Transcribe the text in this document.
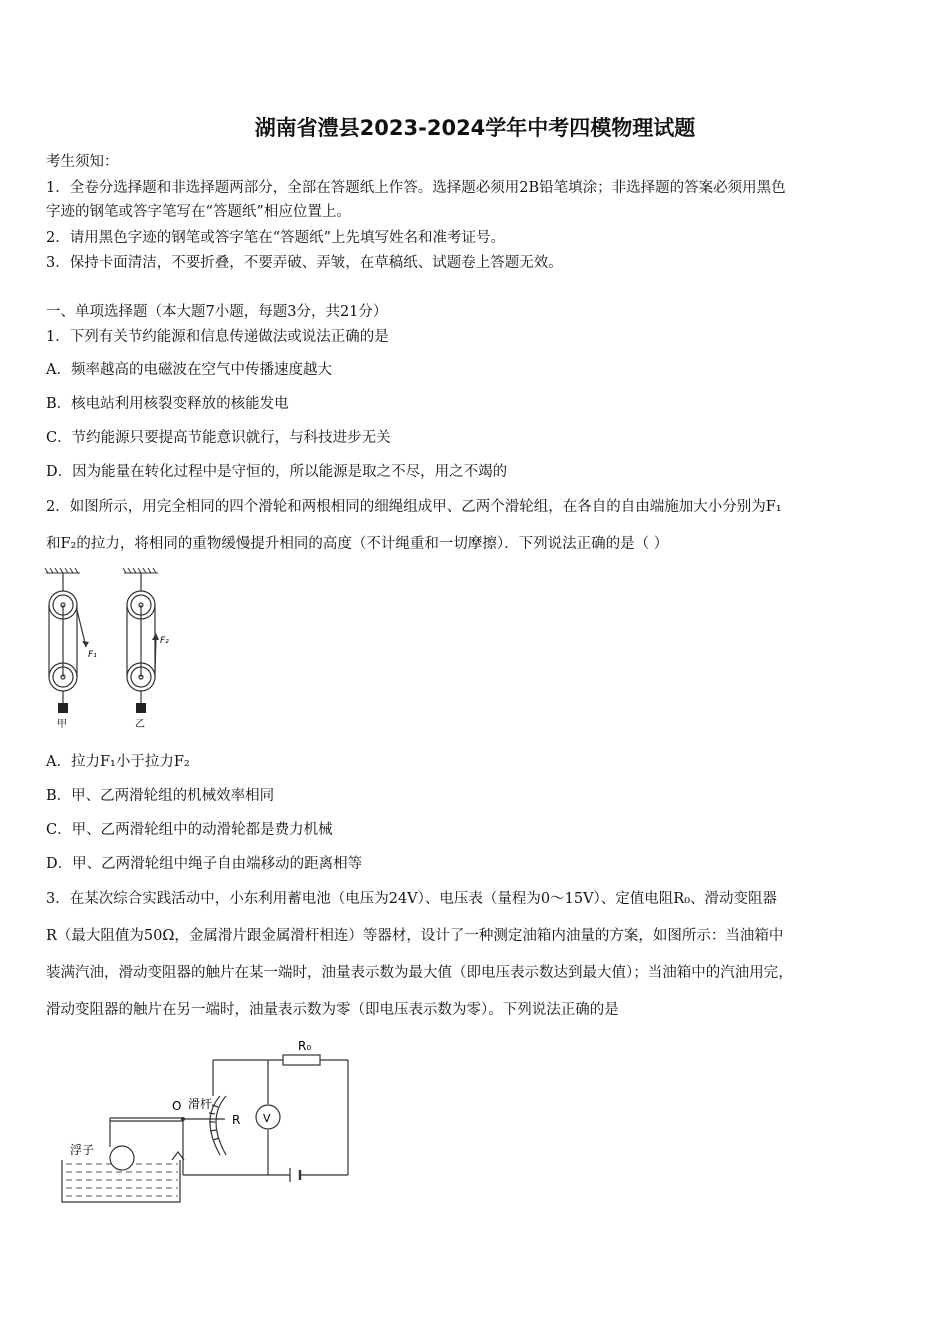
湖南省澧县2023-2024学年中考四模物理试题
考生须知：
1．全卷分选择题和非选择题两部分，全部在答题纸上作答。选择题必须用2B铅笔填涂；非选择题的答案必须用黑色
字迹的钢笔或答字笔写在“答题纸”相应位置上。
2．请用黑色字迹的钢笔或答字笔在“答题纸”上先填写姓名和准考证号。
3．保持卡面清洁，不要折叠，不要弄破、弄皱，在草稿纸、试题卷上答题无效。
一、单项选择题（本大题7小题，每题3分，共21分）
1．下列有关节约能源和信息传递做法或说法正确的是
A．频率越高的电磁波在空气中传播速度越大
B．核电站利用核裂变释放的核能发电
C．节约能源只要提高节能意识就行，与科技进步无关
D．因为能量在转化过程中是守恒的，所以能源是取之不尽，用之不竭的
2．如图所示，用完全相同的四个滑轮和两根相同的细绳组成甲、乙两个滑轮组，在各自的自由端施加大小分别为F₁
和F₂的拉力，将相同的重物缓慢提升相同的高度（不计绳重和一切摩擦）．下列说法正确的是（ ）
F₁
F₂
甲	乙
A．拉力F₁小于拉力F₂
B．甲、乙两滑轮组的机械效率相同
C．甲、乙两滑轮组中的动滑轮都是费力机械
D．甲、乙两滑轮组中绳子自由端移动的距离相等
3．在某次综合实践活动中，小东利用蓄电池（电压为24V）、电压表（量程为0～15V）、定值电阻R₀、滑动变阻器
R（最大阻值为50Ω，金属滑片跟金属滑杆相连）等器材，设计了一种测定油箱内油量的方案，如图所示：当油箱中
装满汽油，滑动变阻器的触片在某一端时，油量表示数为最大值（即电压表示数达到最大值）；当油箱中的汽油用完，
滑动变阻器的触片在另一端时，油量表示数为零（即电压表示数为零）。下列说法正确的是
R₀
O 滑杆
R V
浮子
